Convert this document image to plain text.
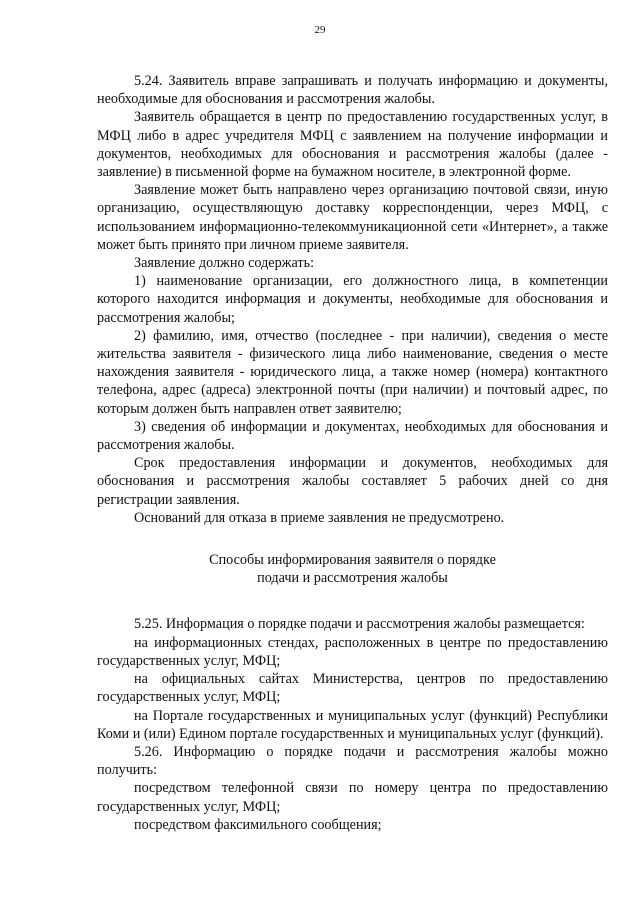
29

5.24. Заявитель вправе запрашивать и получать информацию и документы, необходимые для обоснования и рассмотрения жалобы.

Заявитель обращается в центр по предоставлению государственных услуг, в МФЦ либо в адрес учредителя МФЦ с заявлением на получение информации и документов, необходимых для обоснования и рассмотрения жалобы (далее - заявление) в письменной форме на бумажном носителе, в электронной форме.

Заявление может быть направлено через организацию почтовой связи, иную организацию, осуществляющую доставку корреспонденции, через МФЦ, с использованием информационно-телекоммуникационной сети «Интернет», а также может быть принято при личном приеме заявителя.

Заявление должно содержать:

1) наименование организации, его должностного лица, в компетенции которого находится информация и документы, необходимые для обоснования и рассмотрения жалобы;

2) фамилию, имя, отчество (последнее - при наличии), сведения о месте жительства заявителя - физического лица либо наименование, сведения о месте нахождения заявителя - юридического лица, а также номер (номера) контактного телефона, адрес (адреса) электронной почты (при наличии) и почтовый адрес, по которым должен быть направлен ответ заявителю;

3) сведения об информации и документах, необходимых для обоснования и рассмотрения жалобы.

Срок предоставления информации и документов, необходимых для обоснования и рассмотрения жалобы составляет 5 рабочих дней со дня регистрации заявления.

Оснований для отказа в приеме заявления не предусмотрено.

Способы информирования заявителя о порядке
подачи и рассмотрения жалобы

5.25. Информация о порядке подачи и рассмотрения жалобы размещается:

на информационных стендах, расположенных в центре по предоставлению государственных услуг, МФЦ;

на официальных сайтах Министерства, центров по предоставлению государственных услуг, МФЦ;

на Портале государственных и муниципальных услуг (функций) Республики Коми и (или) Едином портале государственных и муниципальных услуг (функций).

5.26. Информацию о порядке подачи и рассмотрения жалобы можно получить:

посредством телефонной связи по номеру центра по предоставлению государственных услуг, МФЦ;

посредством факсимильного сообщения;
